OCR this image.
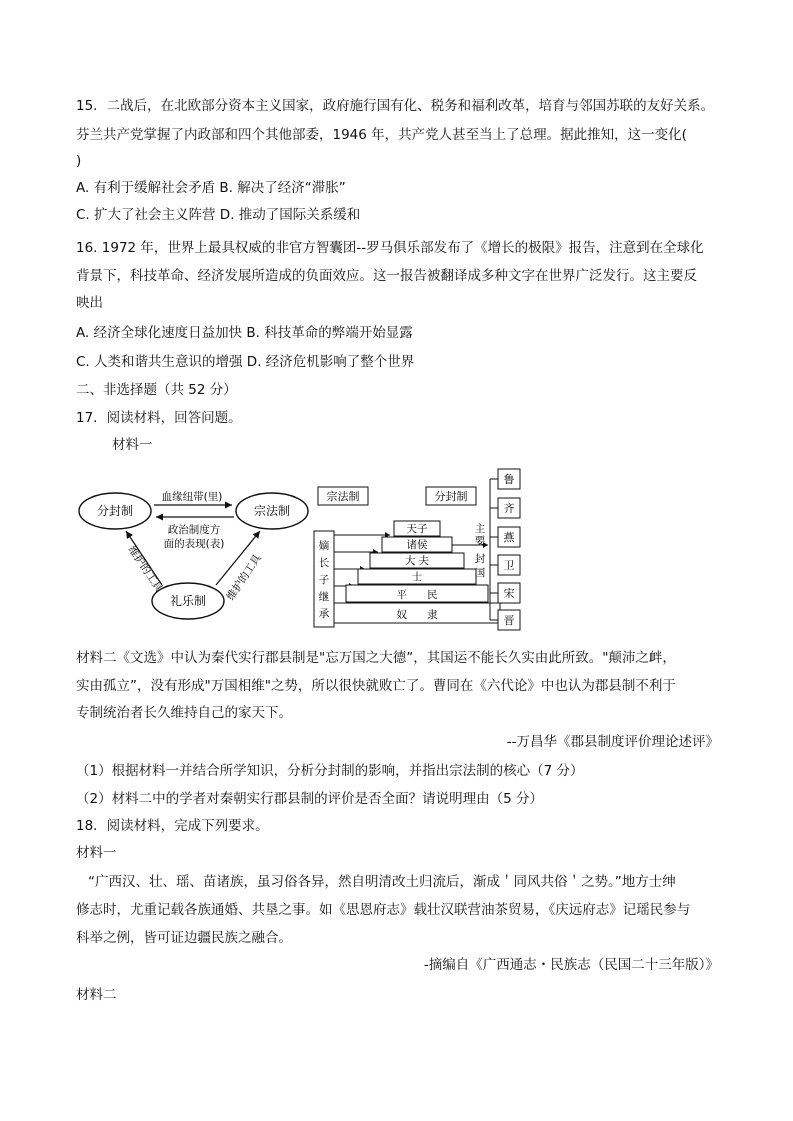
15．二战后，在北欧部分资本主义国家，政府施行国有化、税务和福利改革，培育与邻国苏联的友好关系。
芬兰共产党掌握了内政部和四个其他部委，1946 年，共产党人甚至当上了总理。据此推知，这一变化(
)
A. 有利于缓解社会矛盾 B. 解决了经济“滞胀”
C. 扩大了社会主义阵营 D. 推动了国际关系缓和
16. 1972 年，世界上最具权威的非官方智囊团--罗马俱乐部发布了《增长的极限》报告，注意到在全球化
背景下，科技革命、经济发展所造成的负面效应。这一报告被翻译成多种文字在世界广泛发行。这主要反
映出
A. 经济全球化速度日益加快 B. 科技革命的弊端开始显露
C. 人类和谐共生意识的增强 D. 经济危机影响了整个世界
二、非选择题（共 52 分）
17．阅读材料，回答问题。
材料一
分封制	宗法制
礼乐制
血缘纽带(里)
政治制度方
面的表现(表)
维护的工具	维护的工具
宗法制	分封制
嫡
长
子
继
承
天子
诸侯
大 夫
士
平      民
奴      隶
主
要
封
国
鲁
齐
燕
卫
宋
晋
材料二《文选》中认为秦代实行郡县制是"忘万国之大德”，其国运不能长久实由此所致。"颠沛之衅，
实由孤立”，没有形成"万国相维"之势，所以很快就败亡了。曹同在《六代论》中也认为郡县制不利于
专制统治者长久维持自己的家天下。
--万昌华《郡县制度评价理论述评》
（1）根据材料一并结合所学知识，分析分封制的影响，并指出宗法制的核心（7 分）
（2）材料二中的学者对秦朝实行郡县制的评价是否全面？请说明理由（5 分）
18．阅读材料，完成下列要求。
材料一
“广西汉、壮、瑶、苗诸族，虽习俗各异，然自明清改土归流后，渐成＇同风共俗＇之势。”地方士绅
修志时，尤重记载各族通婚、共垦之事。如《思恩府志》载壮汉联营油茶贸易，《庆远府志》记瑶民参与
科举之例，皆可证边疆民族之融合。
-摘编自《广西通志・民族志（民国二十三年版）》
材料二
